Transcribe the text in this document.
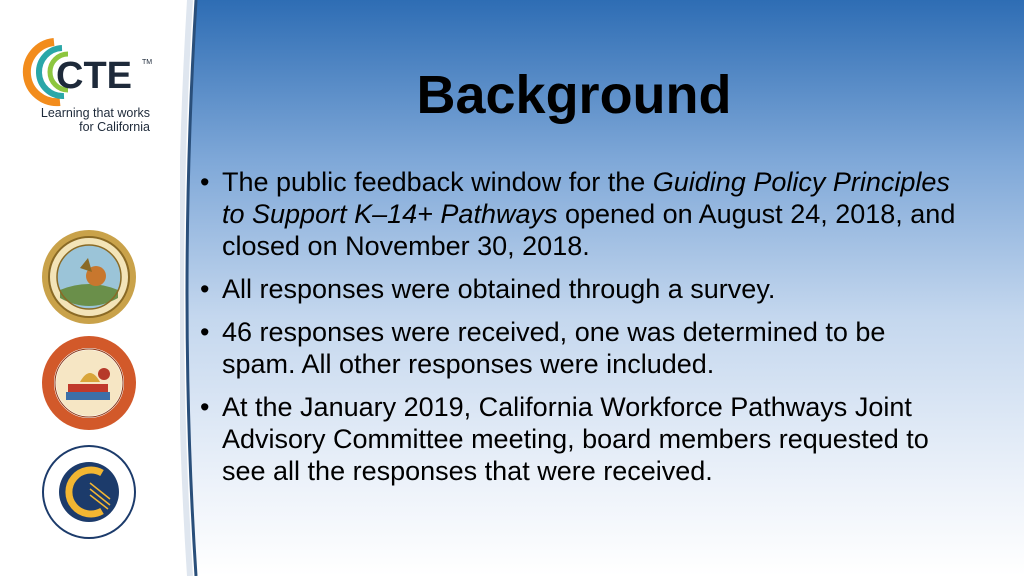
CTE TM
Learning that works
for California
Background
• The public feedback window for the Guiding Policy Principles to Support K–14+ Pathways opened on August 24, 2018, and closed on November 30, 2018.
• All responses were obtained through a survey.
• 46 responses were received, one was determined to be spam. All other responses were included.
• At the January 2019, California Workforce Pathways Joint Advisory Committee meeting, board members requested to see all the responses that were received.
